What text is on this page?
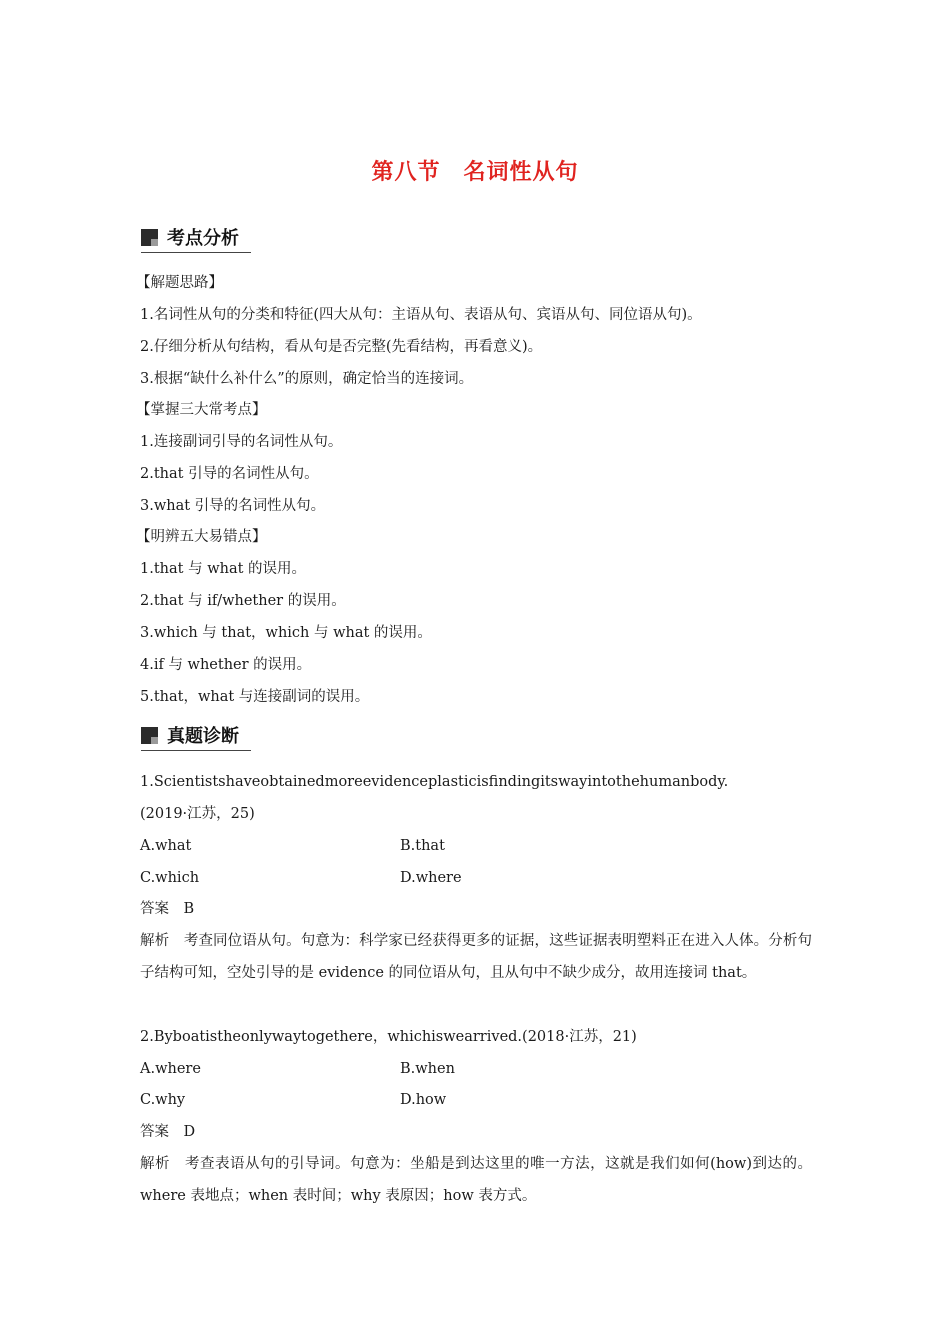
第八节　名词性从句
考点分析
【解题思路】
1.名词性从句的分类和特征(四大从句：主语从句、表语从句、宾语从句、同位语从句)。
2.仔细分析从句结构，看从句是否完整(先看结构，再看意义)。
3.根据“缺什么补什么”的原则，确定恰当的连接词。
【掌握三大常考点】
1.连接副词引导的名词性从句。
2.that 引导的名词性从句。
3.what 引导的名词性从句。
【明辨五大易错点】
1.that 与 what 的误用。
2.that 与 if/whether 的误用。
3.which 与 that，which 与 what 的误用。
4.if 与 whether 的误用。
5.that，what 与连接副词的误用。
真题诊断
1.Scientistshaveobtainedmoreevidenceplasticisfindingitswayintothehumanbody.
(2019·江苏，25)
A.what	B.that
C.which	D.where
答案　B
解析　考查同位语从句。句意为：科学家已经获得更多的证据，这些证据表明塑料正在进入人体。分析句子结构可知，空处引导的是 evidence 的同位语从句，且从句中不缺少成分，故用连接词 that。
2.Byboatistheonlywaytogethere，whichiswearrived.(2018·江苏，21)
A.where	B.when
C.why	D.how
答案　D
解析　考查表语从句的引导词。句意为：坐船是到达这里的唯一方法，这就是我们如何(how)到达的。where 表地点；when 表时间；why 表原因；how 表方式。
